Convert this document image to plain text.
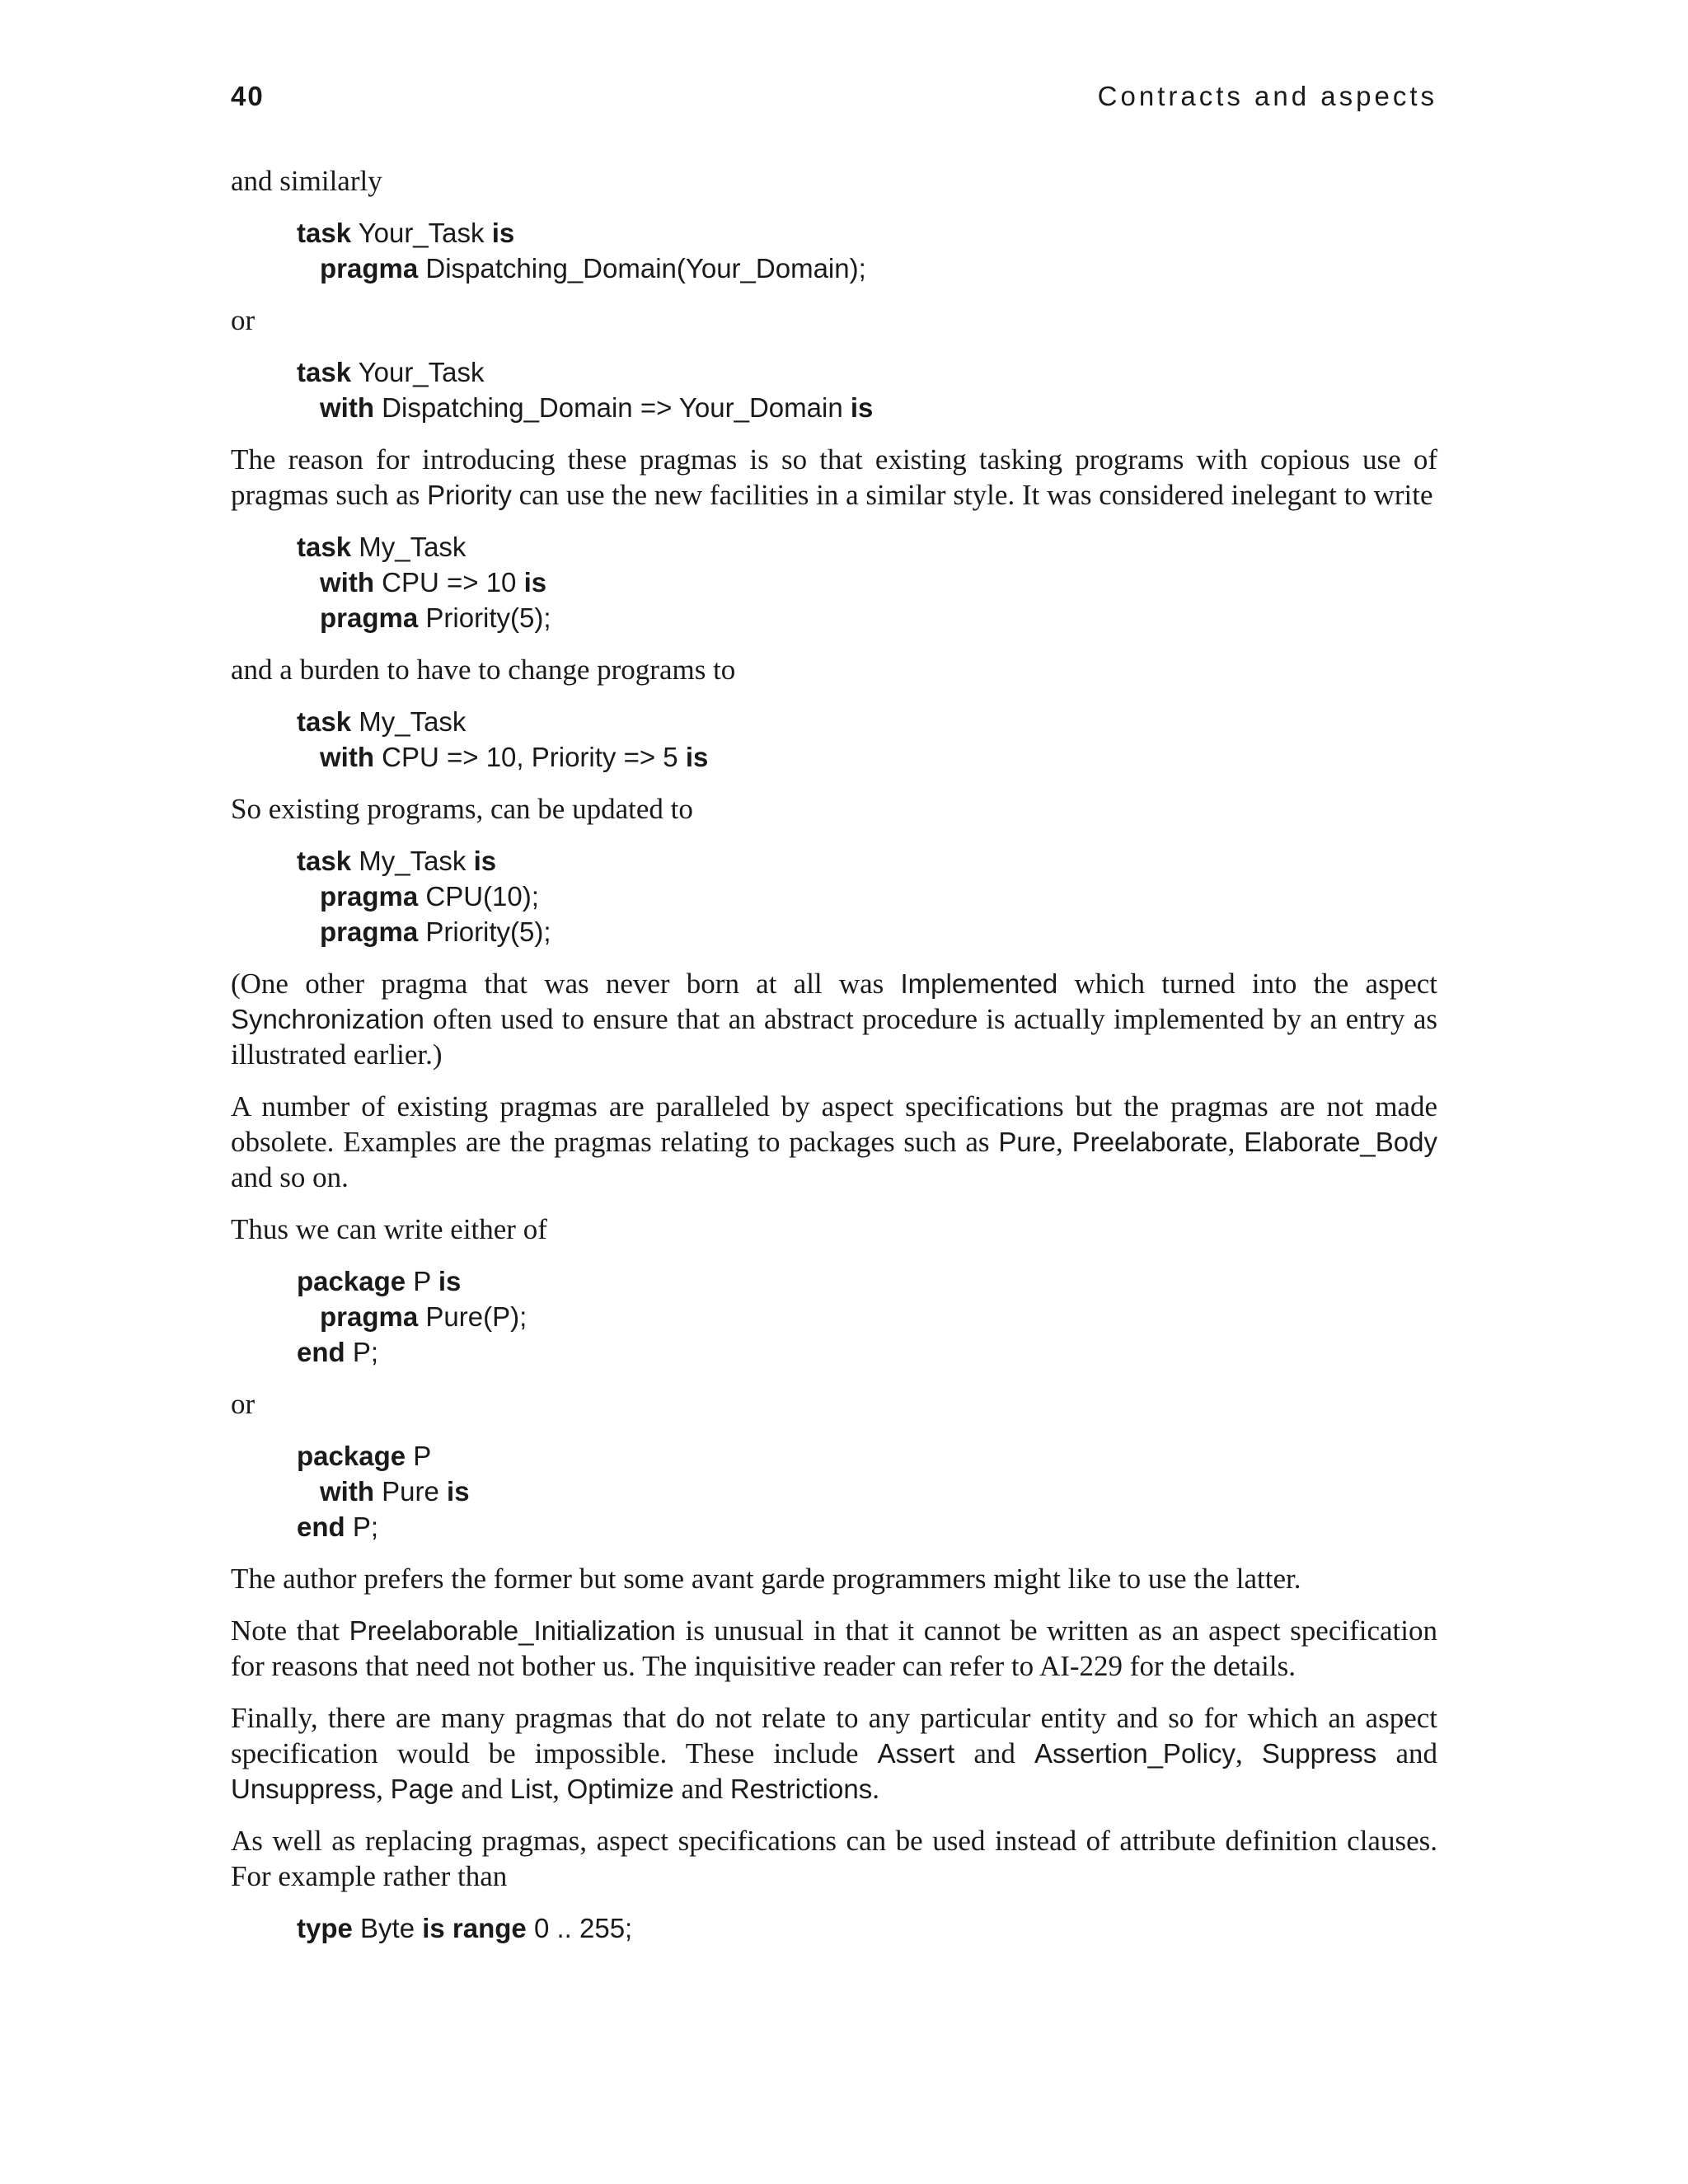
40	Contracts and aspects

and similarly

task Your_Task is
pragma Dispatching_Domain(Your_Domain);

or

task Your_Task
with Dispatching_Domain => Your_Domain is

The reason for introducing these pragmas is so that existing tasking programs with copious use of pragmas such as Priority can use the new facilities in a similar style. It was considered inelegant to write

task My_Task
with CPU => 10 is
pragma Priority(5);

and a burden to have to change programs to

task My_Task
with CPU => 10, Priority => 5 is

So existing programs, can be updated to

task My_Task is
pragma CPU(10);
pragma Priority(5);

(One other pragma that was never born at all was Implemented which turned into the aspect Synchronization often used to ensure that an abstract procedure is actually implemented by an entry as illustrated earlier.)

A number of existing pragmas are paralleled by aspect specifications but the pragmas are not made obsolete. Examples are the pragmas relating to packages such as Pure, Preelaborate, Elaborate_Body and so on.

Thus we can write either of

package P is
pragma Pure(P);
end P;

or

package P
with Pure is
end P;

The author prefers the former but some avant garde programmers might like to use the latter.

Note that Preelaborable_Initialization is unusual in that it cannot be written as an aspect specification for reasons that need not bother us. The inquisitive reader can refer to AI-229 for the details.

Finally, there are many pragmas that do not relate to any particular entity and so for which an aspect specification would be impossible. These include Assert and Assertion_Policy, Suppress and Unsuppress, Page and List, Optimize and Restrictions.

As well as replacing pragmas, aspect specifications can be used instead of attribute definition clauses. For example rather than

type Byte is range 0 .. 255;
